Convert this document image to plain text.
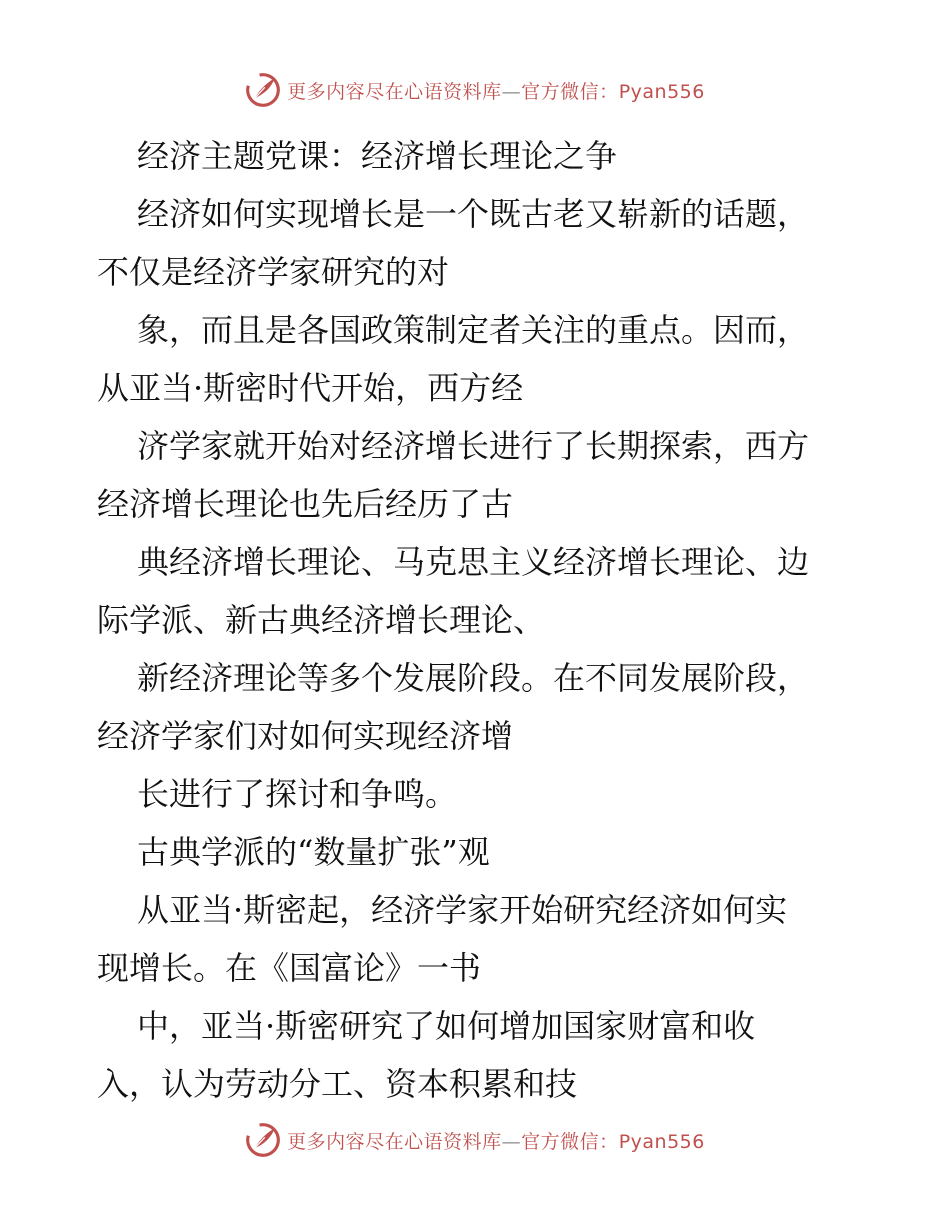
更多内容尽在心语资料库—官方微信：Pyan556

经济主题党课：经济增长理论之争

经济如何实现增长是一个既古老又崭新的话题，

不仅是经济学家研究的对

象，而且是各国政策制定者关注的重点。因而，

从亚当·斯密时代开始，西方经

济学家就开始对经济增长进行了长期探索，西方

经济增长理论也先后经历了古

典经济增长理论、马克思主义经济增长理论、边

际学派、新古典经济增长理论、

新经济理论等多个发展阶段。在不同发展阶段，

经济学家们对如何实现经济增

长进行了探讨和争鸣。

古典学派的“数量扩张”观

从亚当·斯密起，经济学家开始研究经济如何实

现增长。在《国富论》一书

中，亚当·斯密研究了如何增加国家财富和收

入，认为劳动分工、资本积累和技

更多内容尽在心语资料库—官方微信：Pyan556
